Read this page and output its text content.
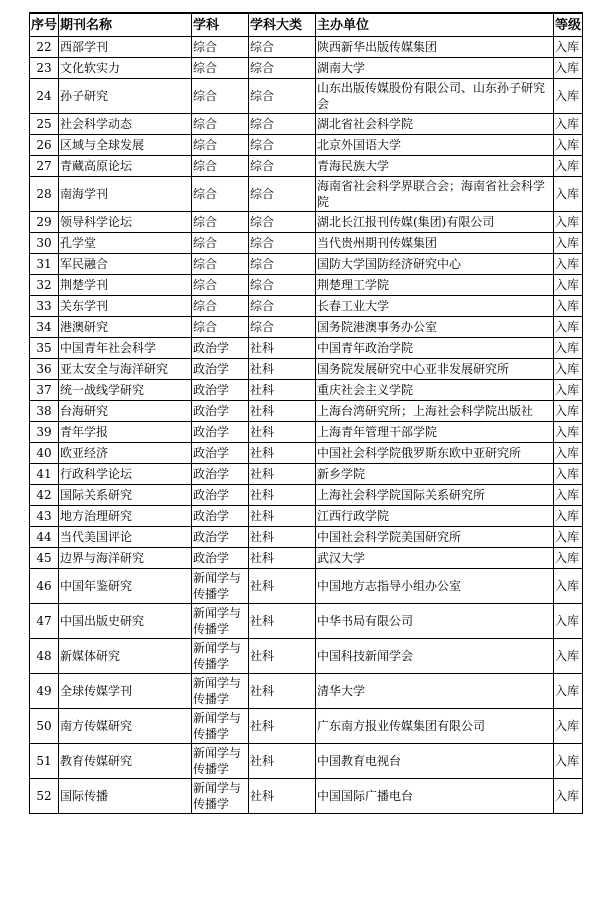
序号	期刊名称	学科	学科大类	主办单位	等级
22	西部学刊	综合	综合	陕西新华出版传媒集团	入库
23	文化软实力	综合	综合	湖南大学	入库
24	孙子研究	综合	综合	山东出版传媒股份有限公司、山东孙子研究会	入库
25	社会科学动态	综合	综合	湖北省社会科学院	入库
26	区域与全球发展	综合	综合	北京外国语大学	入库
27	青藏高原论坛	综合	综合	青海民族大学	入库
28	南海学刊	综合	综合	海南省社会科学界联合会；海南省社会科学院	入库
29	领导科学论坛	综合	综合	湖北长江报刊传媒(集团)有限公司	入库
30	孔学堂	综合	综合	当代贵州期刊传媒集团	入库
31	军民融合	综合	综合	国防大学国防经济研究中心	入库
32	荆楚学刊	综合	综合	荆楚理工学院	入库
33	关东学刊	综合	综合	长春工业大学	入库
34	港澳研究	综合	综合	国务院港澳事务办公室	入库
35	中国青年社会科学	政治学	社科	中国青年政治学院	入库
36	亚太安全与海洋研究	政治学	社科	国务院发展研究中心亚非发展研究所	入库
37	统一战线学研究	政治学	社科	重庆社会主义学院	入库
38	台海研究	政治学	社科	上海台湾研究所；上海社会科学院出版社	入库
39	青年学报	政治学	社科	上海青年管理干部学院	入库
40	欧亚经济	政治学	社科	中国社会科学院俄罗斯东欧中亚研究所	入库
41	行政科学论坛	政治学	社科	新乡学院	入库
42	国际关系研究	政治学	社科	上海社会科学院国际关系研究所	入库
43	地方治理研究	政治学	社科	江西行政学院	入库
44	当代美国评论	政治学	社科	中国社会科学院美国研究所	入库
45	边界与海洋研究	政治学	社科	武汉大学	入库
46	中国年鉴研究	新闻学与传播学	社科	中国地方志指导小组办公室	入库
47	中国出版史研究	新闻学与传播学	社科	中华书局有限公司	入库
48	新媒体研究	新闻学与传播学	社科	中国科技新闻学会	入库
49	全球传媒学刊	新闻学与传播学	社科	清华大学	入库
50	南方传媒研究	新闻学与传播学	社科	广东南方报业传媒集团有限公司	入库
51	教育传媒研究	新闻学与传播学	社科	中国教育电视台	入库
52	国际传播	新闻学与传播学	社科	中国国际广播电台	入库
